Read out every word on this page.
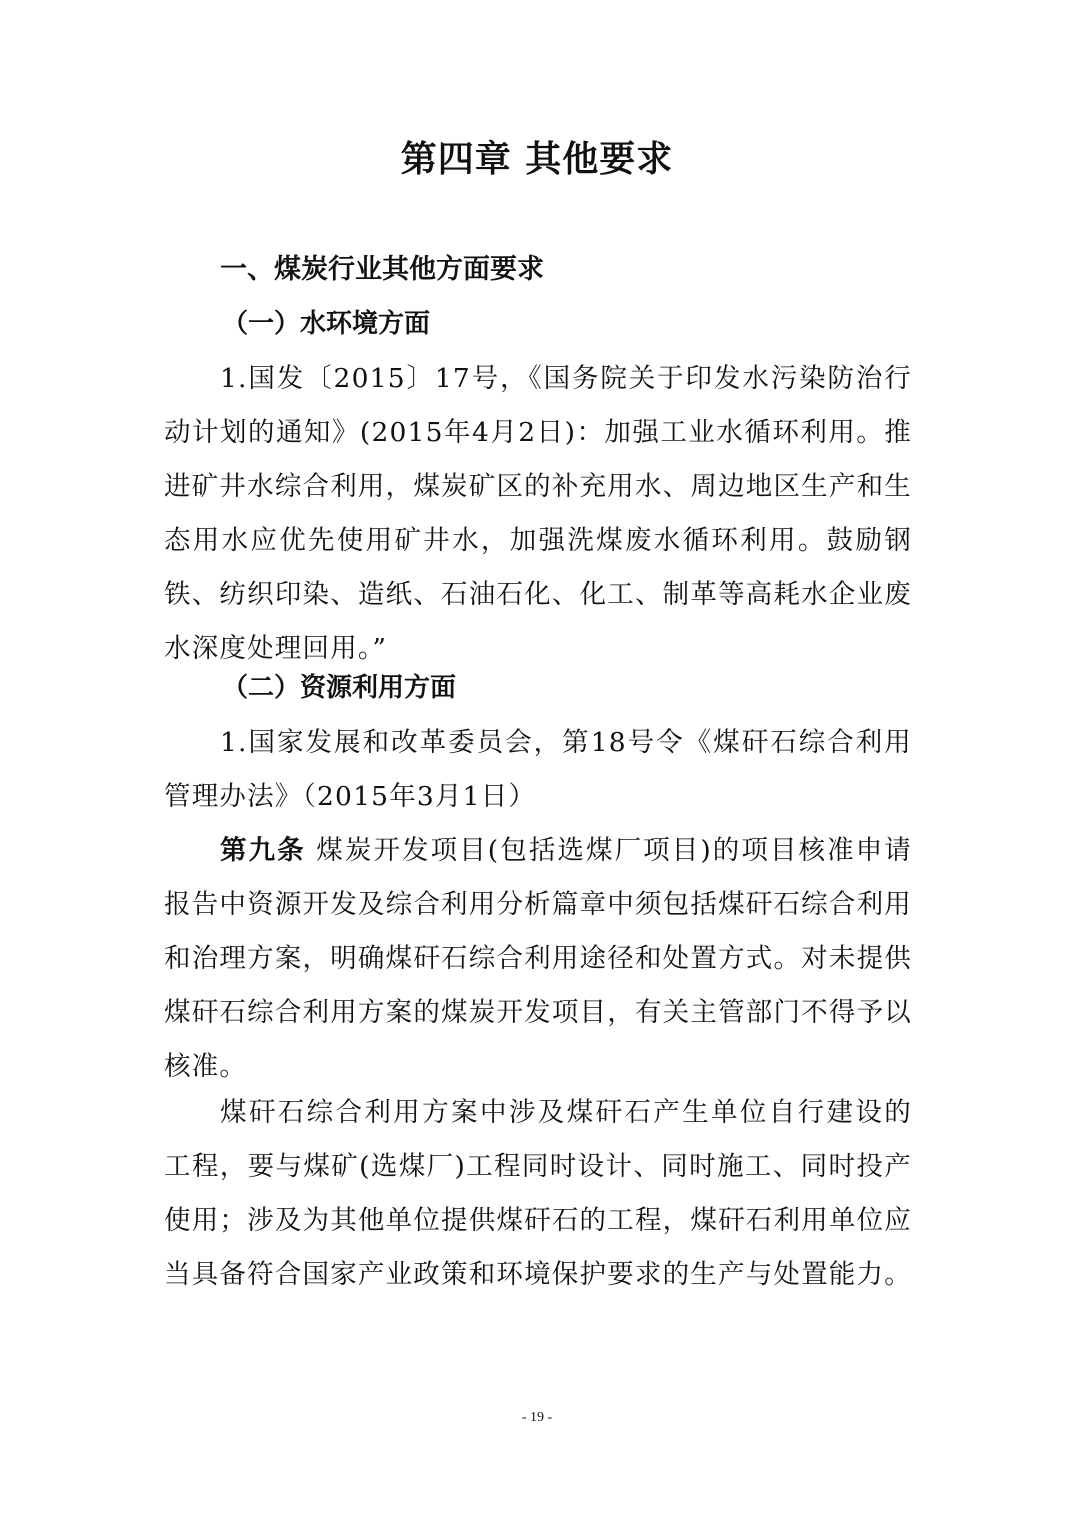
第四章 其他要求
一、煤炭行业其他方面要求
（一）水环境方面

1.国发〔2015〕17号，《国务院关于印发水污染防治行动计划的通知》(2015年4月2日)：加强工业水循环利用。推进矿井水综合利用，煤炭矿区的补充用水、周边地区生产和生态用水应优先使用矿井水，加强洗煤废水循环利用。鼓励钢铁、纺织印染、造纸、石油石化、化工、制革等高耗水企业废水深度处理回用。”

（二）资源利用方面

1.国家发展和改革委员会，第18号令《煤矸石综合利用管理办法》（2015年3月1日）

第九条 煤炭开发项目(包括选煤厂项目)的项目核准申请报告中资源开发及综合利用分析篇章中须包括煤矸石综合利用和治理方案，明确煤矸石综合利用途径和处置方式。对未提供煤矸石综合利用方案的煤炭开发项目，有关主管部门不得予以核准。

煤矸石综合利用方案中涉及煤矸石产生单位自行建设的工程，要与煤矿(选煤厂)工程同时设计、同时施工、同时投产使用；涉及为其他单位提供煤矸石的工程，煤矸石利用单位应当具备符合国家产业政策和环境保护要求的生产与处置能力。

- 19 -
